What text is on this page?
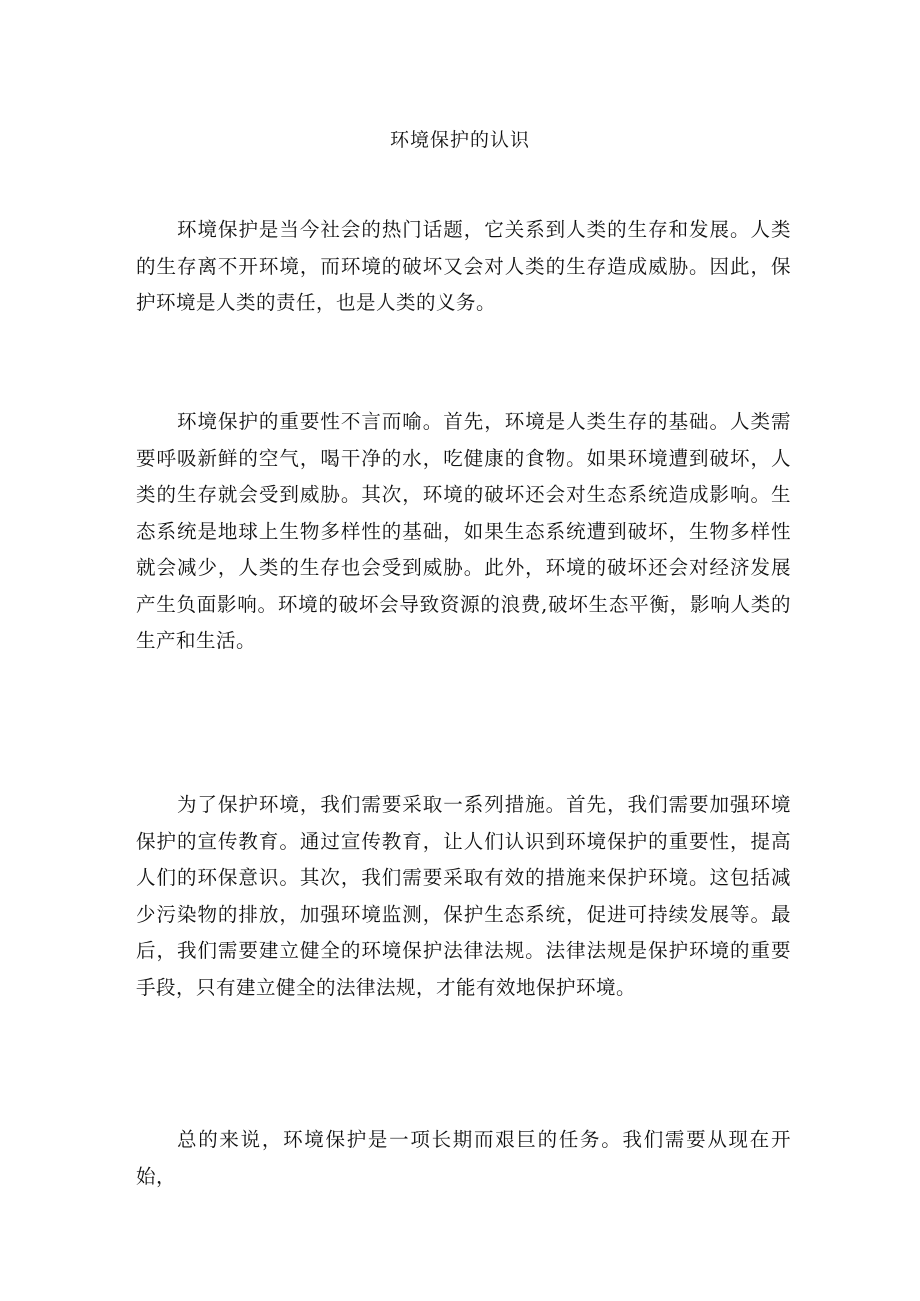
环境保护的认识

环境保护是当今社会的热门话题，它关系到人类的生存和发展。人类的生存离不开环境，而环境的破坏又会对人类的生存造成威胁。因此，保护环境是人类的责任，也是人类的义务。

环境保护的重要性不言而喻。首先，环境是人类生存的基础。人类需要呼吸新鲜的空气，喝干净的水，吃健康的食物。如果环境遭到破坏，人类的生存就会受到威胁。其次，环境的破坏还会对生态系统造成影响。生态系统是地球上生物多样性的基础，如果生态系统遭到破坏，生物多样性就会减少，人类的生存也会受到威胁。此外，环境的破坏还会对经济发展产生负面影响。环境的破坏会导致资源的浪费,破坏生态平衡，影响人类的生产和生活。

为了保护环境，我们需要采取一系列措施。首先，我们需要加强环境保护的宣传教育。通过宣传教育，让人们认识到环境保护的重要性，提高人们的环保意识。其次，我们需要采取有效的措施来保护环境。这包括减少污染物的排放，加强环境监测，保护生态系统，促进可持续发展等。最后，我们需要建立健全的环境保护法律法规。法律法规是保护环境的重要手段，只有建立健全的法律法规，才能有效地保护环境。

总的来说，环境保护是一项长期而艰巨的任务。我们需要从现在开始，
